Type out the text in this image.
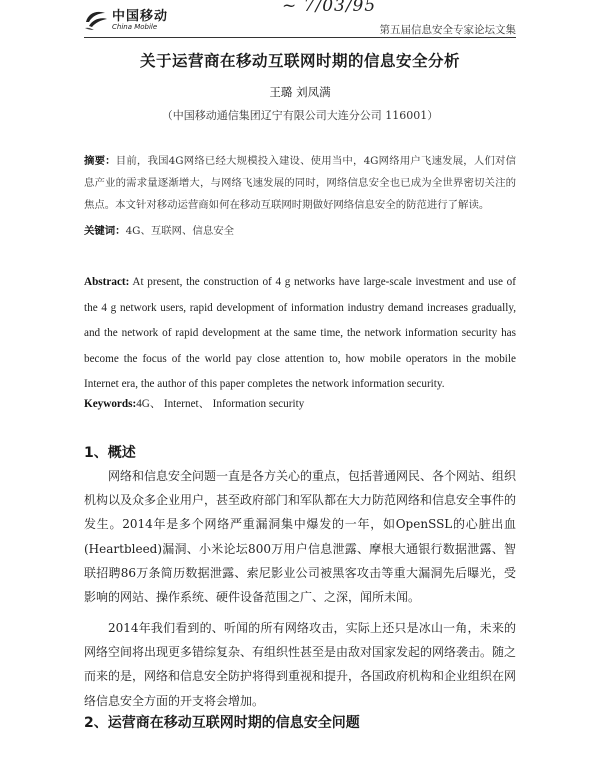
中国移动
China Mobile
~ 7/03/95
第五届信息安全专家论坛文集
关于运营商在移动互联网时期的信息安全分析
王璐 刘凤满
（中国移动通信集团辽宁有限公司大连分公司 116001）
摘要：目前，我国4G网络已经大规模投入建设、使用当中，4G网络用户飞速发展，人们对信息产业的需求量逐渐增大，与网络飞速发展的同时，网络信息安全也已成为全世界密切关注的焦点。本文针对移动运营商如何在移动互联网时期做好网络信息安全的防范进行了解读。
关键词：4G、互联网、信息安全
Abstract: At present, the construction of 4 g networks have large-scale investment and use of the 4 g network users, rapid development of information industry demand increases gradually, and the network of rapid development at the same time, the network information security has become the focus of the world pay close attention to, how mobile operators in the mobile Internet era, the author of this paper completes the network information security.
Keywords:4G、 Internet、 Information security
1、概述
网络和信息安全问题一直是各方关心的重点，包括普通网民、各个网站、组织机构以及众多企业用户，甚至政府部门和军队都在大力防范网络和信息安全事件的发生。2014年是多个网络严重漏洞集中爆发的一年，如OpenSSL的心脏出血(Heartbleed)漏洞、小米论坛800万用户信息泄露、摩根大通银行数据泄露、智联招聘86万条简历数据泄露、索尼影业公司被黑客攻击等重大漏洞先后曝光，受影响的网站、操作系统、硬件设备范围之广、之深，闻所未闻。
2014年我们看到的、听闻的所有网络攻击，实际上还只是冰山一角，未来的网络空间将出现更多错综复杂、有组织性甚至是由敌对国家发起的网络袭击。随之而来的是，网络和信息安全防护将得到重视和提升，各国政府机构和企业组织在网络信息安全方面的开支将会增加。
2、运营商在移动互联网时期的信息安全问题
